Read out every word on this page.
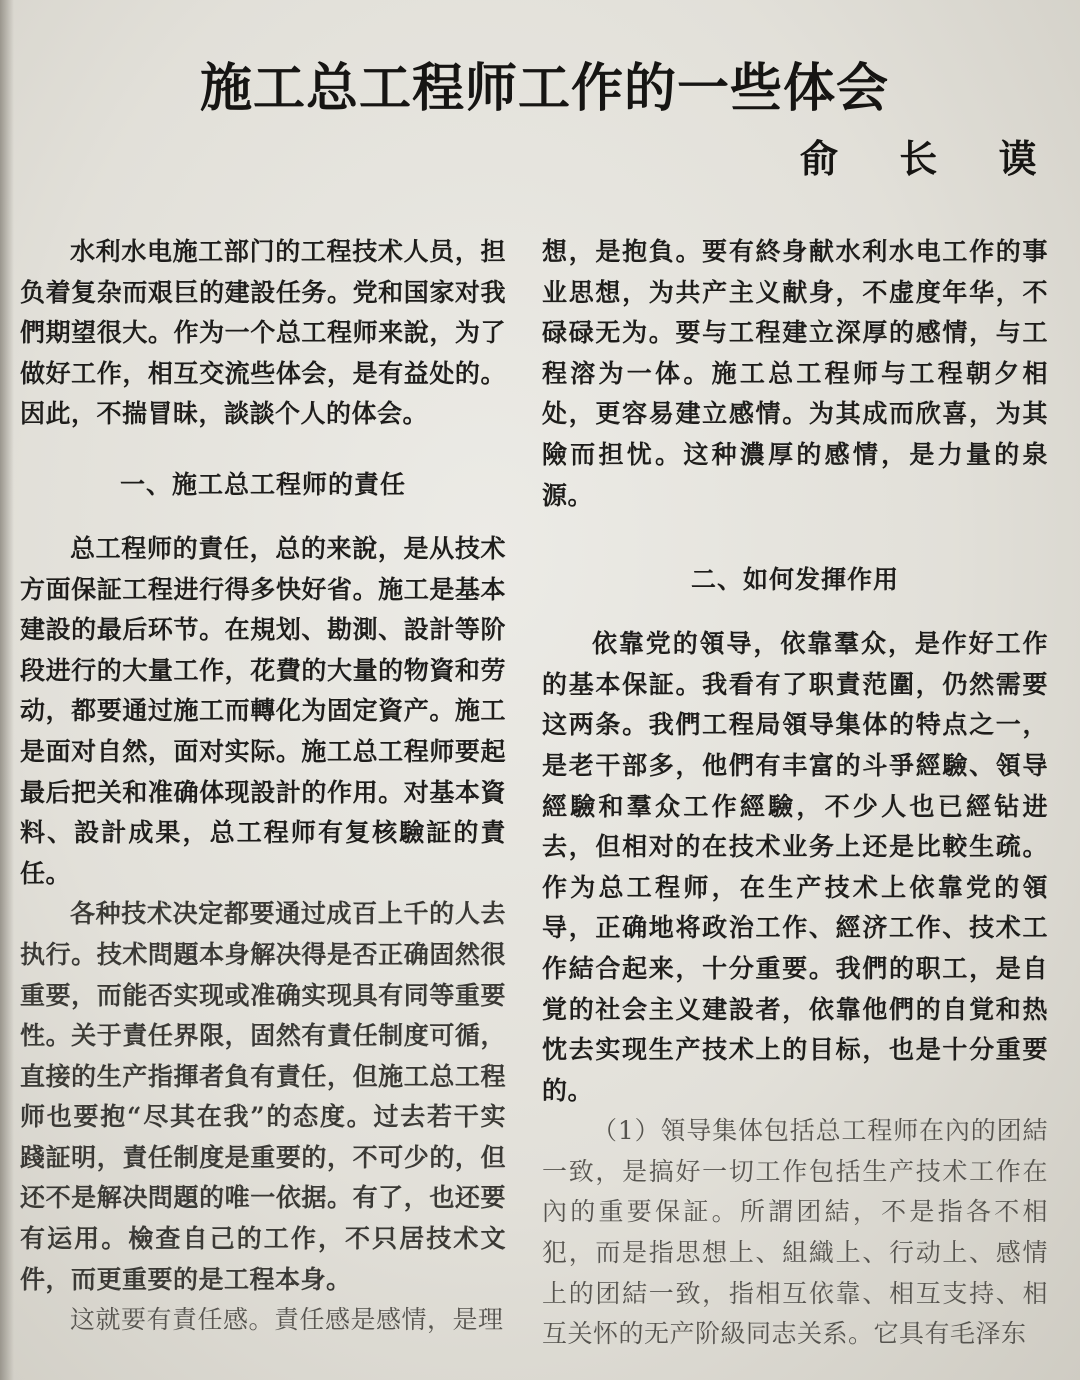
施工总工程师工作的一些体会
俞 长 谟

水利水电施工部门的工程技术人员，担负着复杂而艰巨的建設任务。党和国家对我們期望很大。作为一个总工程师来說，为了做好工作，相互交流些体会，是有益处的。因此，不揣冒昧，談談个人的体会。

一、施工总工程师的責任

总工程师的責任，总的来說，是从技术方面保証工程进行得多快好省。施工是基本建設的最后环节。在規划、勘測、設計等阶段进行的大量工作，花費的大量的物資和劳动，都要通过施工而轉化为固定資产。施工是面对自然，面对实际。施工总工程师要起最后把关和准确体现設計的作用。对基本資料、設計成果，总工程师有复核驗証的責任。

各种技术决定都要通过成百上千的人去执行。技术問題本身解决得是否正确固然很重要，而能否实现或准确实现具有同等重要性。关于責任界限，固然有責任制度可循，直接的生产指揮者負有責任，但施工总工程师也要抱“尽其在我”的态度。过去若干实踐証明，責任制度是重要的，不可少的，但还不是解决問題的唯一依据。有了，也还要有运用。檢查自己的工作，不只居技术文件，而更重要的是工程本身。

这就要有責任感。責任感是感情，是理

想，是抱負。要有終身献水利水电工作的事业思想，为共产主义献身，不虚度年华，不碌碌无为。要与工程建立深厚的感情，与工程溶为一体。施工总工程师与工程朝夕相处，更容易建立感情。为其成而欣喜，为其險而担忧。这种濃厚的感情，是力量的泉源。

二、如何发揮作用

依靠党的領导，依靠羣众，是作好工作的基本保証。我看有了职責范圍，仍然需要这两条。我們工程局領导集体的特点之一，是老干部多，他們有丰富的斗爭經驗、領导經驗和羣众工作經驗，不少人也已經钻进去，但相对的在技术业务上还是比較生疏。作为总工程师，在生产技术上依靠党的領导，正确地将政治工作、經济工作、技术工作結合起来，十分重要。我們的职工，是自覚的社会主义建設者，依靠他們的自覚和热忱去实现生产技术上的目标，也是十分重要的。

（1）領导集体包括总工程师在內的团結一致，是搞好一切工作包括生产技术工作在內的重要保証。所謂团結，不是指各不相犯，而是指思想上、組織上、行动上、感情上的团結一致，指相互依靠、相互支持、相互关怀的无产阶級同志关系。它具有毛泽东
